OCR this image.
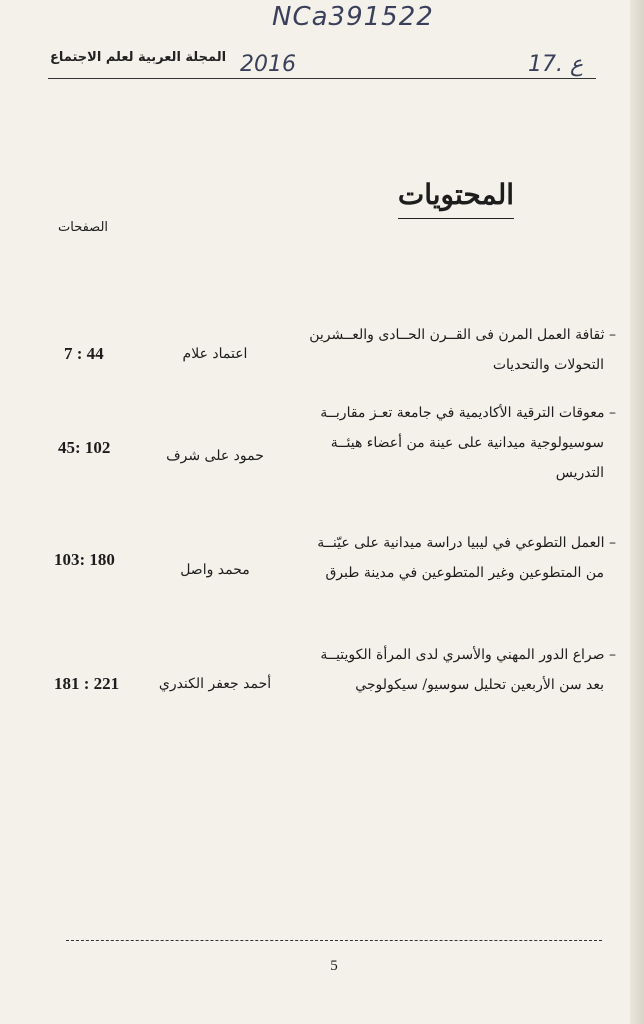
NCa391522
2016	ع .17
المجلة العربية لعلم الاجتماع
المحتويات
الصفحات
– ثقافة العمل المرن فى القــرن الحــادى والعــشرين
التحولات والتحديات
اعتماد علام
7 : 44
– معوقات الترقية الأكاديمية في جامعة تعـز مقاربــة
سوسيولوجية ميدانية على عينة من أعضاء هيئــة
التدريس
حمود على شرف
45: 102
– العمل التطوعي في ليبيا دراسة ميدانية على عيّنــة
من المتطوعين وغير المتطوعين في مدينة طبرق
محمد واصل
103: 180
– صراع الدور المهني والأسري لدى المرأة الكويتيــة
بعد سن الأربعين تحليل سوسيو/ سيكولوجي
أحمد جعفر الكندري
181 : 221
5
